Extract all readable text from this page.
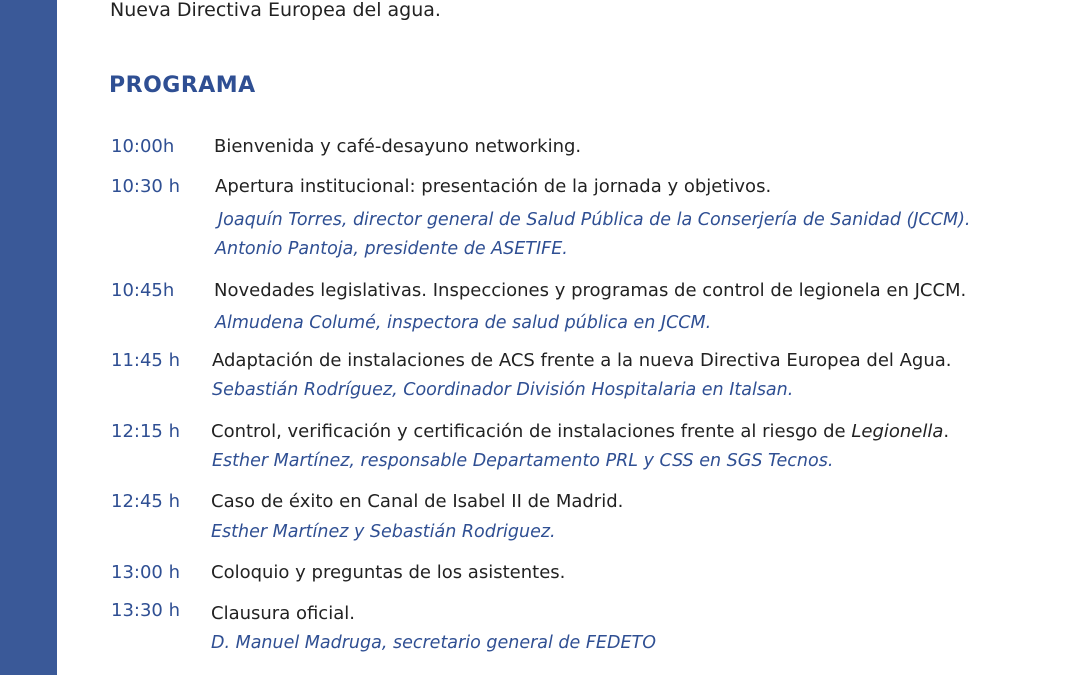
Nueva Directiva Europea del agua.
PROGRAMA
10:00h Bienvenida y café-desayuno networking.
10:30 h Apertura institucional: presentación de la jornada y objetivos.
Joaquín Torres, director general de Salud Pública de la Conserjería de Sanidad (JCCM).
Antonio Pantoja, presidente de ASETIFE.
10:45h Novedades legislativas. Inspecciones y programas de control de legionela en JCCM.
Almudena Columé, inspectora de salud pública en JCCM.
11:45 h Adaptación de instalaciones de ACS frente a la nueva Directiva Europea del Agua.
Sebastián Rodríguez, Coordinador División Hospitalaria en Italsan.
12:15 h Control, verificación y certificación de instalaciones frente al riesgo de Legionella.
Esther Martínez, responsable Departamento PRL y CSS en SGS Tecnos.
12:45 h Caso de éxito en Canal de Isabel II de Madrid.
Esther Martínez y Sebastián Rodriguez.
13:00 h Coloquio y preguntas de los asistentes.
13:30 h Clausura oficial.
D. Manuel Madruga, secretario general de FEDETO
